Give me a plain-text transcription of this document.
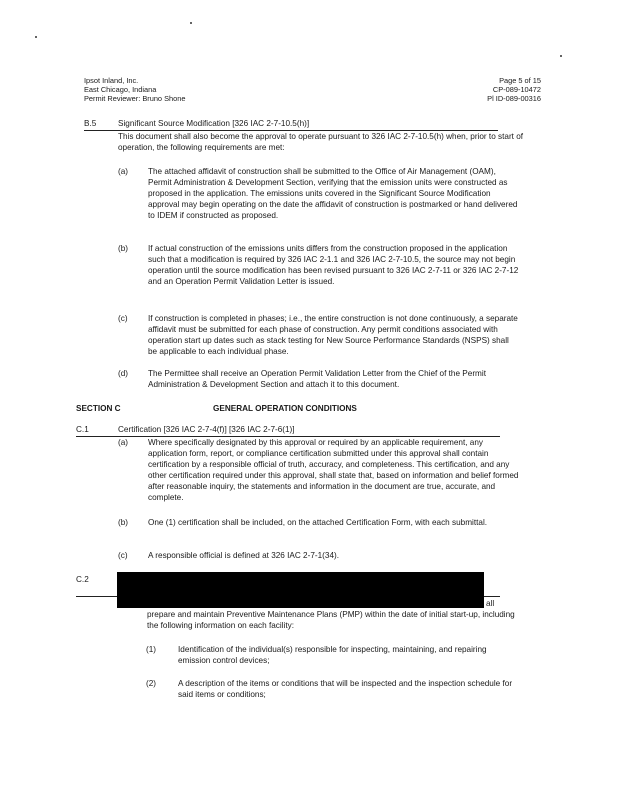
Ipsot Inland, Inc.
East Chicago, Indiana
Permit Reviewer: Bruno Shone
Page 5 of 15
CP-089-10472
Pl ID-089-00316
B.5	Significant Source Modification [326 IAC 2-7-10.5(h)]
This document shall also become the approval to operate pursuant to 326 IAC 2-7-10.5(h) when, prior to start of operation, the following requirements are met:
(a) The attached affidavit of construction shall be submitted to the Office of Air Management (OAM), Permit Administration & Development Section, verifying that the emission units were constructed as proposed in the application. The emissions units covered in the Significant Source Modification approval may begin operating on the date the affidavit of construction is postmarked or hand delivered to IDEM if constructed as proposed.
(b) If actual construction of the emissions units differs from the construction proposed in the application such that a modification is required by 326 IAC 2-1.1 and 326 IAC 2-7-10.5, the source may not begin operation until the source modification has been revised pursuant to 326 IAC 2-7-11 or 326 IAC 2-7-12 and an Operation Permit Validation Letter is issued.
(c) If construction is completed in phases; i.e., the entire construction is not done continuously, a separate affidavit must be submitted for each phase of construction. Any permit conditions associated with operation start up dates such as stack testing for New Source Performance Standards (NSPS) shall be applicable to each individual phase.
(d) The Permittee shall receive an Operation Permit Validation Letter from the Chief of the Permit Administration & Development Section and attach it to this document.
SECTION C	GENERAL OPERATION CONDITIONS
C.1	Certification [326 IAC 2-7-4(f)] [326 IAC 2-7-6(1)]
(a) Where specifically designated by this approval or required by an applicable requirement, any application form, report, or compliance certification submitted under this approval shall contain certification by a responsible official of truth, accuracy, and completeness. This certification, and any other certification required under this approval, shall state that, based on information and belief formed after reasonable inquiry, the statements and information in the document are true, accurate, and complete.
(b) One (1) certification shall be included, on the attached Certification Form, with each submittal.
(c) A responsible official is defined at 326 IAC 2-7-1(34).
C.2
all
prepare and maintain Preventive Maintenance Plans (PMP) within the date of initial start-up, including the following information on each facility:
(1)	Identification of the individual(s) responsible for inspecting, maintaining, and repairing emission control devices;
(2)	A description of the items or conditions that will be inspected and the inspection schedule for said items or conditions;
